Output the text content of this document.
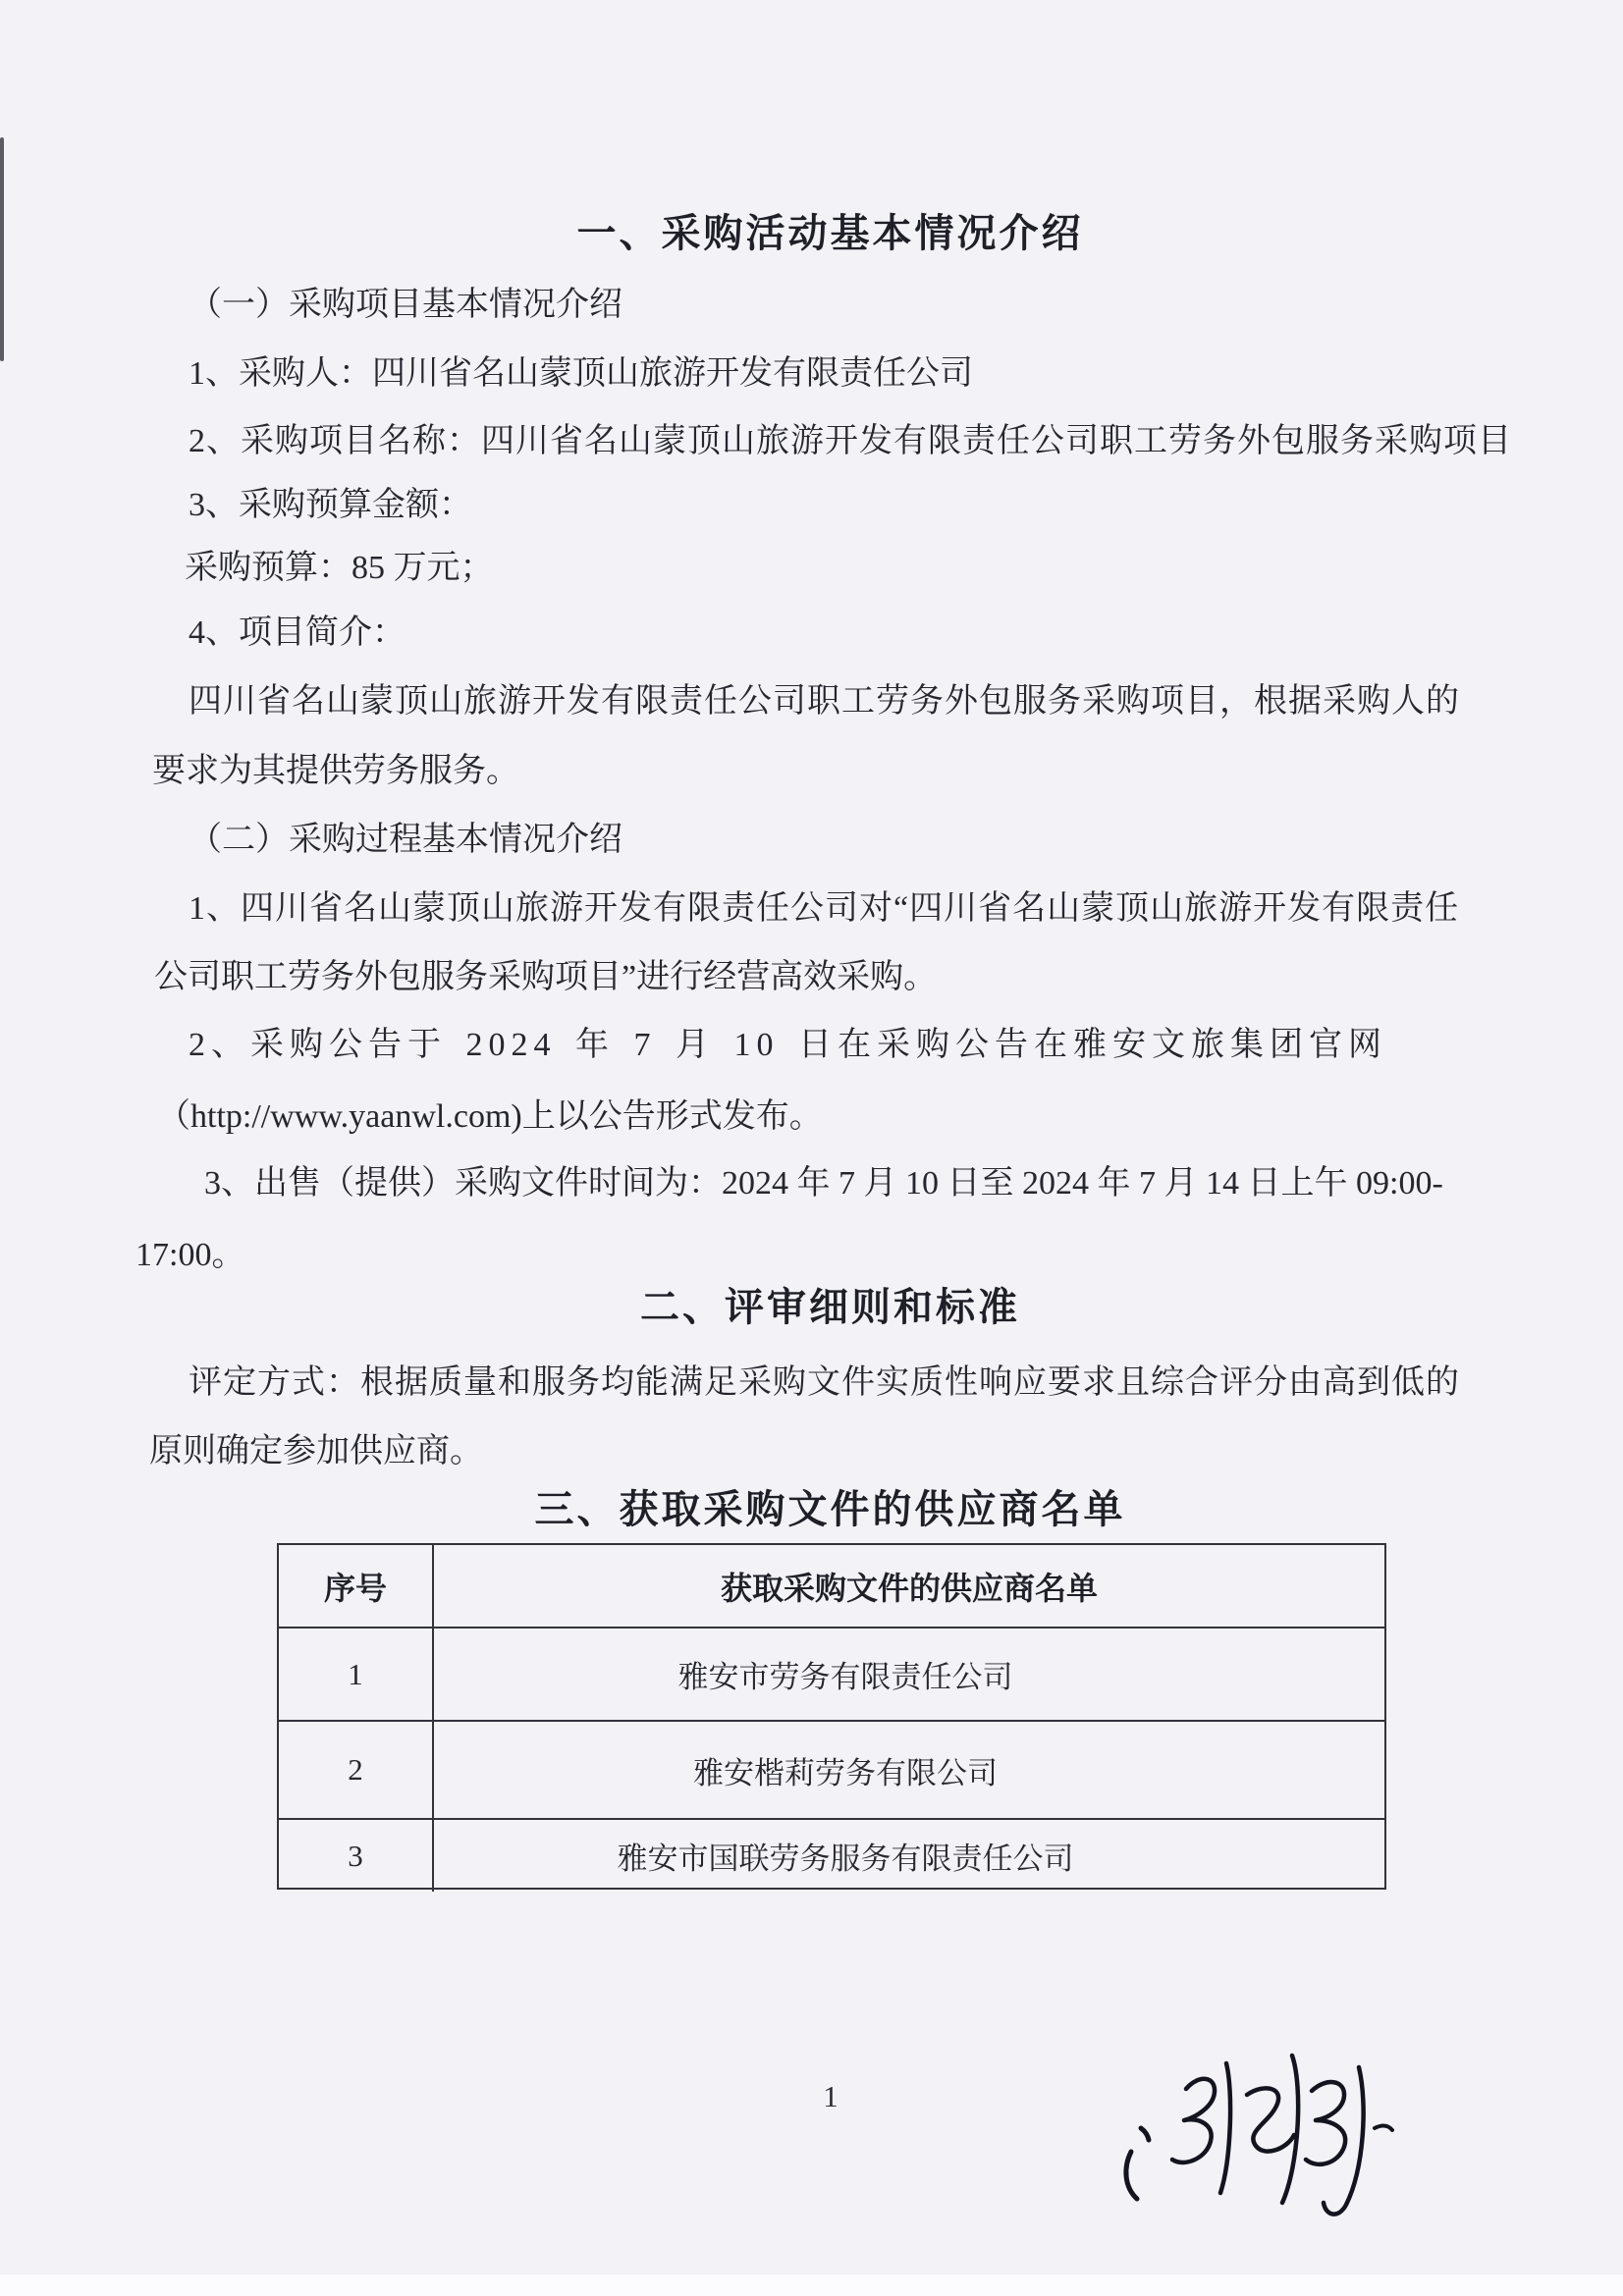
一、采购活动基本情况介绍
（一）采购项目基本情况介绍
1、采购人：四川省名山蒙顶山旅游开发有限责任公司
2、采购项目名称：四川省名山蒙顶山旅游开发有限责任公司职工劳务外包服务采购项目
3、采购预算金额：
采购预算：85 万元；
4、项目简介：
四川省名山蒙顶山旅游开发有限责任公司职工劳务外包服务采购项目，根据采购人的
要求为其提供劳务服务。
（二）采购过程基本情况介绍
1、四川省名山蒙顶山旅游开发有限责任公司对“四川省名山蒙顶山旅游开发有限责任
公司职工劳务外包服务采购项目”进行经营高效采购。
2、采购公告于 2024 年 7 月 10 日在采购公告在雅安文旅集团官网
（http://www.yaanwl.com)上以公告形式发布。
3、出售（提供）采购文件时间为：2024 年 7 月 10 日至 2024 年 7 月 14 日上午 09:00-
17:00。
二、评审细则和标准
评定方式：根据质量和服务均能满足采购文件实质性响应要求且综合评分由高到低的
原则确定参加供应商。
三、获取采购文件的供应商名单
序号	获取采购文件的供应商名单
1	雅安市劳务有限责任公司
2	雅安楷莉劳务有限公司
3	雅安市国联劳务服务有限责任公司
1
